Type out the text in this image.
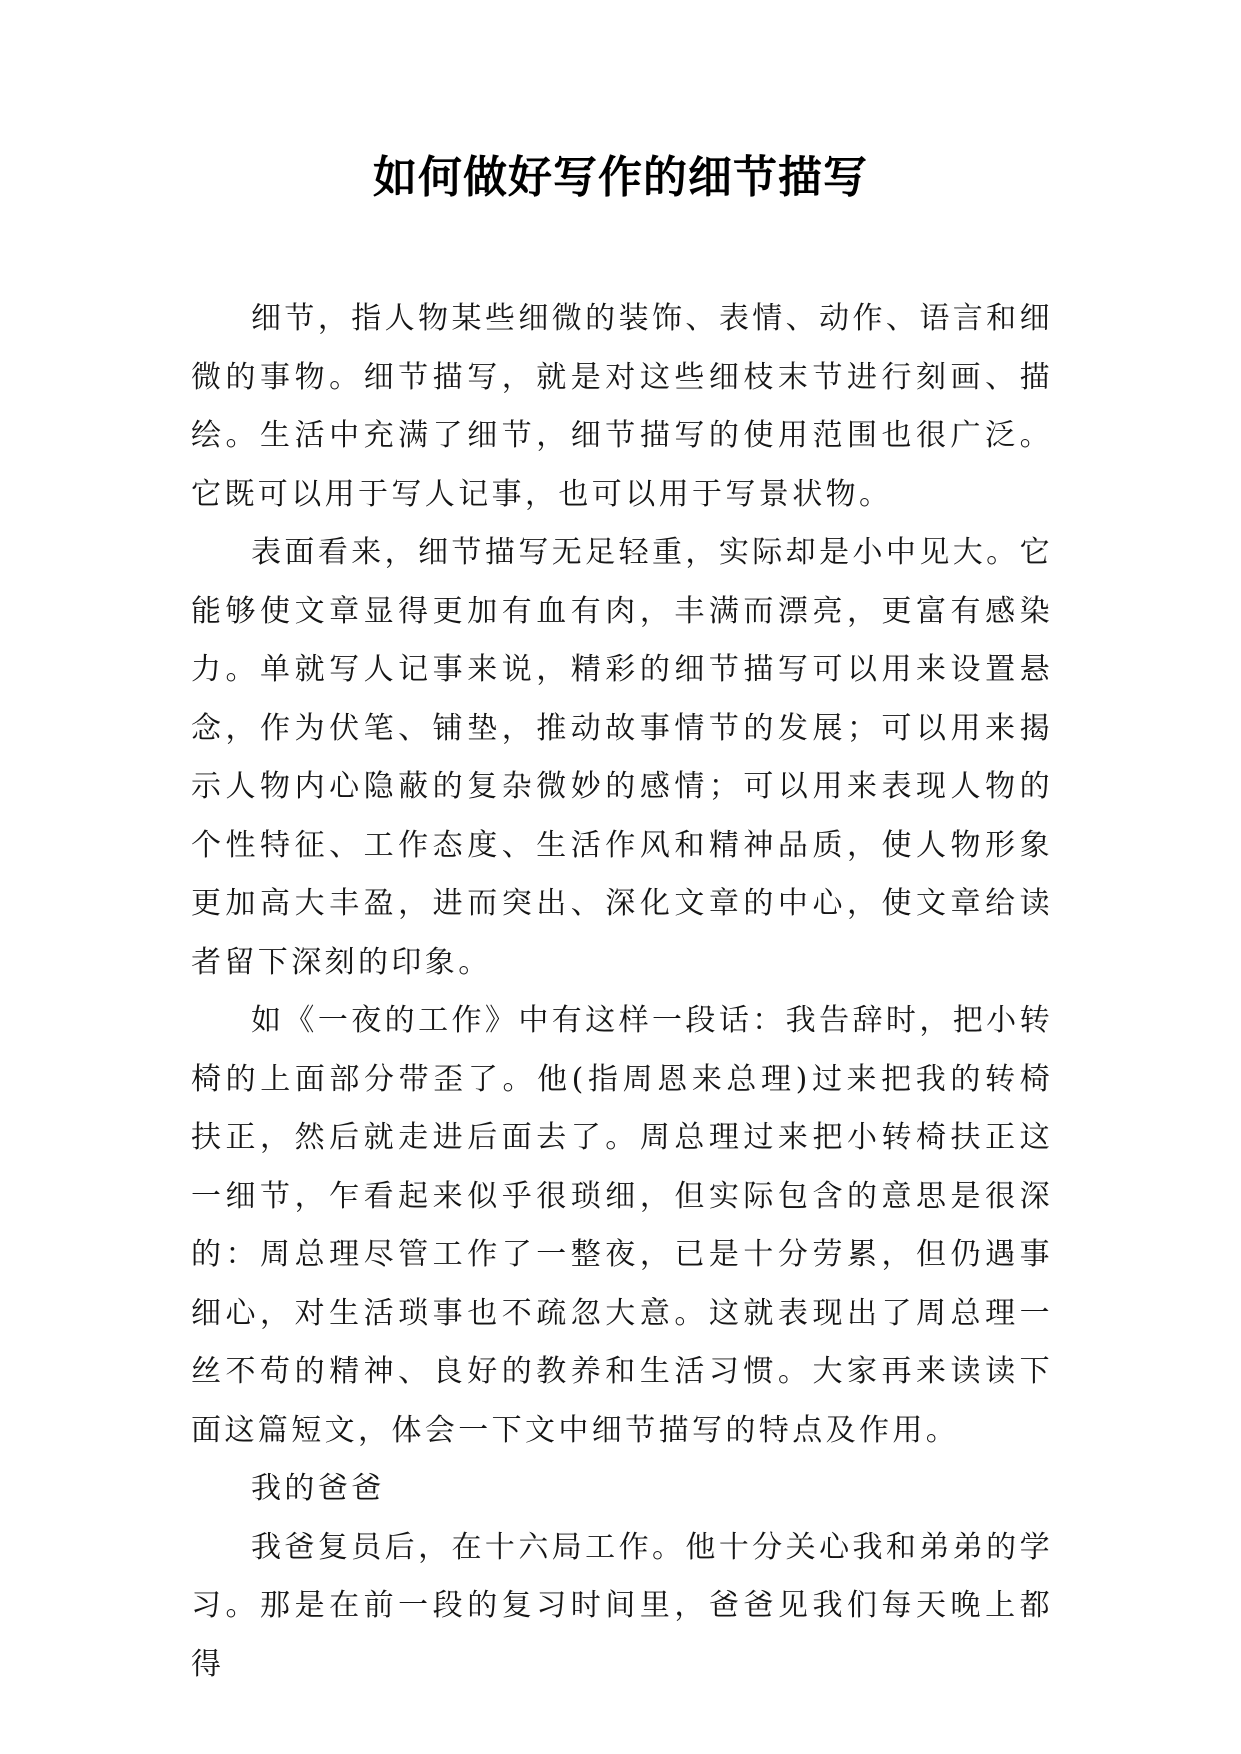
如何做好写作的细节描写

细节，指人物某些细微的装饰、表情、动作、语言和细微的事物。细节描写，就是对这些细枝末节进行刻画、描绘。生活中充满了细节，细节描写的使用范围也很广泛。它既可以用于写人记事，也可以用于写景状物。

表面看来，细节描写无足轻重，实际却是小中见大。它能够使文章显得更加有血有肉，丰满而漂亮，更富有感染力。单就写人记事来说，精彩的细节描写可以用来设置悬念，作为伏笔、铺垫，推动故事情节的发展；可以用来揭示人物内心隐蔽的复杂微妙的感情；可以用来表现人物的个性特征、工作态度、生活作风和精神品质，使人物形象更加高大丰盈，进而突出、深化文章的中心，使文章给读者留下深刻的印象。

如《一夜的工作》中有这样一段话：我告辞时，把小转椅的上面部分带歪了。他(指周恩来总理)过来把我的转椅扶正，然后就走进后面去了。周总理过来把小转椅扶正这一细节，乍看起来似乎很琐细，但实际包含的意思是很深的：周总理尽管工作了一整夜，已是十分劳累，但仍遇事细心，对生活琐事也不疏忽大意。这就表现出了周总理一丝不苟的精神、良好的教养和生活习惯。大家再来读读下面这篇短文，体会一下文中细节描写的特点及作用。

我的爸爸

我爸复员后，在十六局工作。他十分关心我和弟弟的学习。那是在前一段的复习时间里，爸爸见我们每天晚上都得
